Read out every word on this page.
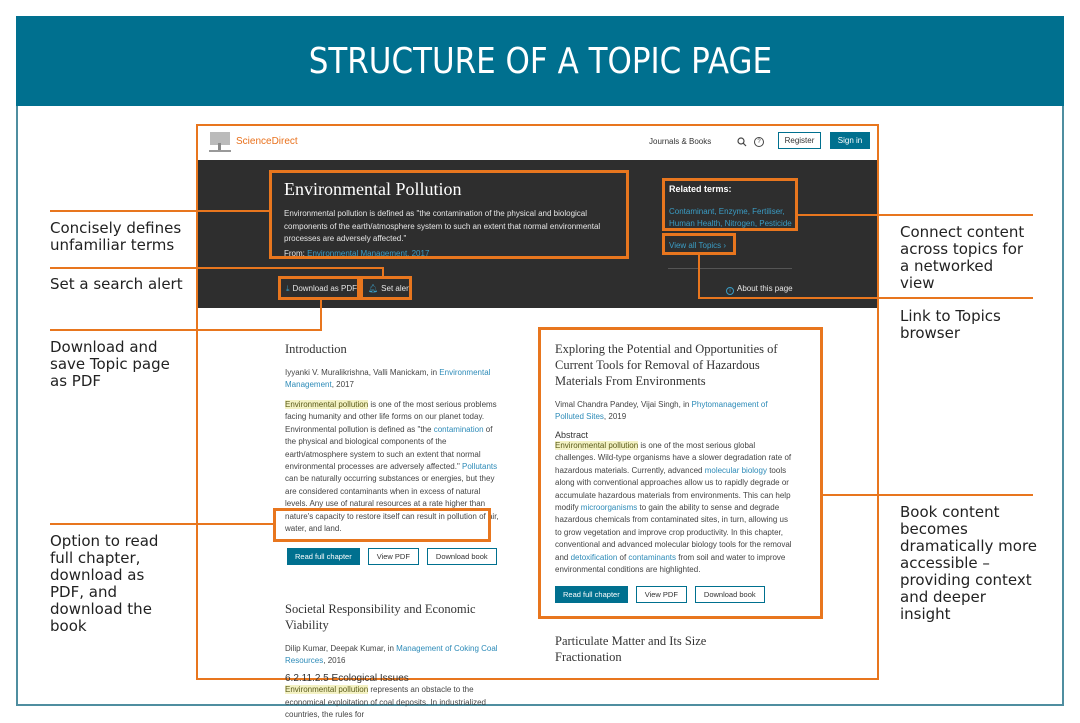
STRUCTURE OF A TOPIC PAGE
ScienceDirect	Journals & Books	?	Register	Sign in
Environmental Pollution
Environmental pollution is defined as "the contamination of the physical and biological components of the earth/atmosphere system to such an extent that normal environmental processes are adversely affected."
From: Environmental Management, 2017
Related terms:
Contaminant, Enzyme, Fertiliser, Human Health, Nitrogen, Pesticide
View all Topics ›
i About this page
⤓ Download as PDF 🔔︎ Set alert
Introduction
Iyyanki V. Muralikrishna, Valli Manickam, in Environmental Management, 2017
Environmental pollution is one of the most serious problems facing humanity and other life forms on our planet today. Environmental pollution is defined as "the contamination of the physical and biological components of the earth/atmosphere system to such an extent that normal environmental processes are adversely affected." Pollutants can be naturally occurring substances or energies, but they are considered contaminants when in excess of natural levels. Any use of natural resources at a rate higher than nature's capacity to restore itself can result in pollution of air, water, and land.
Read full chapter	View PDF	Download book
Societal Responsibility and Economic Viability
Dilip Kumar, Deepak Kumar, in Management of Coking Coal Resources, 2016
6.2.11.2.5 Ecological Issues
Environmental pollution represents an obstacle to the economical exploitation of coal deposits. In industrialized countries, the rules for
Exploring the Potential and Opportunities of Current Tools for Removal of Hazardous Materials From Environments
Vimal Chandra Pandey, Vijai Singh, in Phytomanagement of Polluted Sites, 2019
Abstract
Environmental pollution is one of the most serious global challenges. Wild-type organisms have a slower degradation rate of hazardous materials. Currently, advanced molecular biology tools along with conventional approaches allow us to rapidly degrade or accumulate hazardous materials from environments. This can help modify microorganisms to gain the ability to sense and degrade hazardous chemicals from contaminated sites, in turn, allowing us to grow vegetation and improve crop productivity. In this chapter, conventional and advanced molecular biology tools for the removal and detoxification of contaminants from soil and water to improve environmental conditions are highlighted.
Read full chapter	View PDF	Download book
Particulate Matter and Its Size Fractionation
Concisely defines unfamiliar terms
Set a search alert
Download and save Topic page as PDF
Option to read full chapter, download as PDF, and download the book
Connect content across topics for a networked view
Link to Topics browser
Book content becomes dramatically more accessible – providing context and deeper insight
